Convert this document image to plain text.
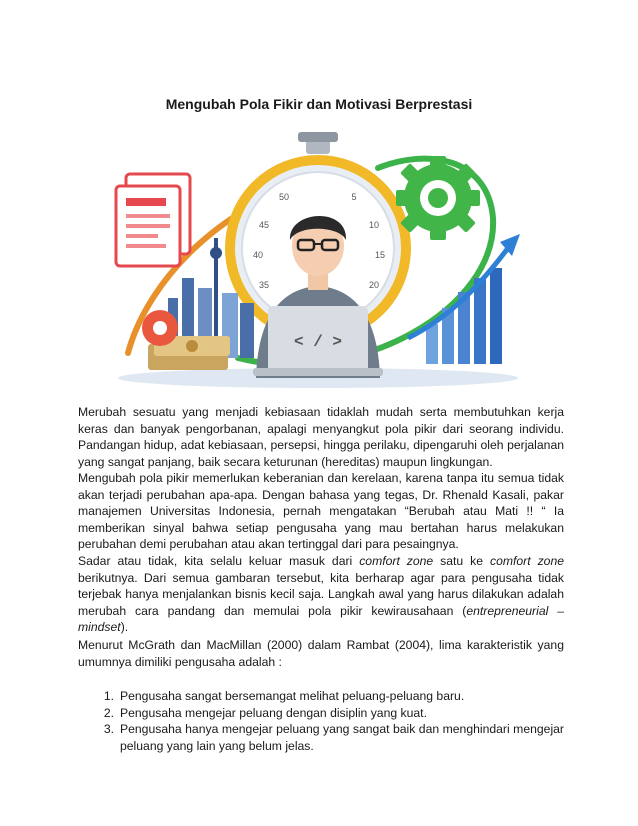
Mengubah Pola Fikir dan Motivasi Berprestasi
5
50
10
45
15
40
20
35
< / >

Merubah sesuatu yang menjadi kebiasaan tidaklah mudah serta membutuhkan kerja keras dan banyak pengorbanan, apalagi menyangkut pola pikir dari seorang individu. Pandangan hidup, adat kebiasaan, persepsi, hingga perilaku, dipengaruhi oleh perjalanan yang sangat panjang, baik secara keturunan (hereditas) maupun lingkungan.

Mengubah pola pikir memerlukan keberanian dan kerelaan, karena tanpa itu semua tidak akan terjadi perubahan apa-apa. Dengan bahasa yang tegas, Dr. Rhenald Kasali, pakar manajemen Universitas Indonesia, pernah mengatakan “Berubah atau Mati !! “ Ia memberikan sinyal bahwa setiap pengusaha yang mau bertahan harus melakukan perubahan demi perubahan atau akan tertinggal dari para pesaingnya.

Sadar atau tidak, kita selalu keluar masuk dari comfort zone satu ke comfort zone berikutnya. Dari semua gambaran tersebut, kita berharap agar para pengusaha tidak terjebak hanya menjalankan bisnis kecil saja. Langkah awal yang harus dilakukan adalah merubah cara pandang dan memulai pola pikir kewirausahaan (entrepreneurial – mindset).

Menurut McGrath dan MacMillan (2000) dalam Rambat (2004), lima karakteristik yang umumnya dimiliki pengusaha adalah :

1. Pengusaha sangat bersemangat melihat peluang-peluang baru.
2. Pengusaha mengejar peluang dengan disiplin yang kuat.
3. Pengusaha hanya mengejar peluang yang sangat baik dan menghindari mengejar peluang yang lain yang belum jelas.
